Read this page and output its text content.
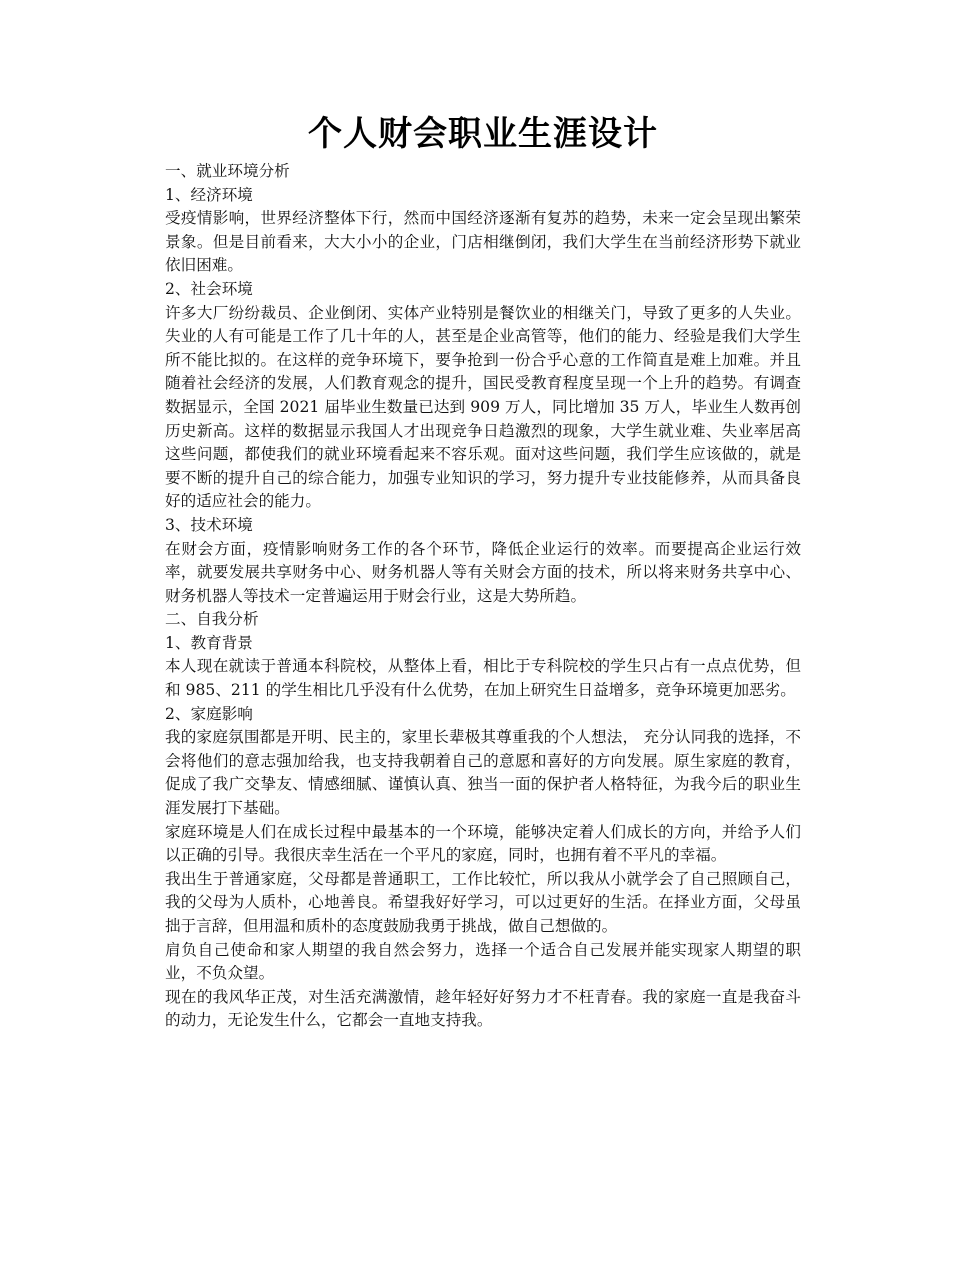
个人财会职业生涯设计

一、就业环境分析

1、经济环境

受疫情影响，世界经济整体下行，然而中国经济逐渐有复苏的趋势，未来一定会呈现出繁荣景象。但是目前看来，大大小小的企业，门店相继倒闭，我们大学生在当前经济形势下就业依旧困难。

2、社会环境

许多大厂纷纷裁员、企业倒闭、实体产业特别是餐饮业的相继关门，导致了更多的人失业。失业的人有可能是工作了几十年的人，甚至是企业高管等，他们的能力、经验是我们大学生所不能比拟的。在这样的竞争环境下，要争抢到一份合乎心意的工作简直是难上加难。并且随着社会经济的发展，人们教育观念的提升，国民受教育程度呈现一个上升的趋势。有调查数据显示，全国 2021 届毕业生数量已达到 909 万人，同比增加 35 万人，毕业生人数再创历史新高。这样的数据显示我国人才出现竞争日趋激烈的现象，大学生就业难、失业率居高这些问题，都使我们的就业环境看起来不容乐观。面对这些问题，我们学生应该做的，就是要不断的提升自己的综合能力，加强专业知识的学习，努力提升专业技能修养，从而具备良好的适应社会的能力。

3、技术环境

在财会方面，疫情影响财务工作的各个环节，降低企业运行的效率。而要提高企业运行效率，就要发展共享财务中心、财务机器人等有关财会方面的技术，所以将来财务共享中心、财务机器人等技术一定普遍运用于财会行业，这是大势所趋。

二、自我分析

1、教育背景

本人现在就读于普通本科院校，从整体上看，相比于专科院校的学生只占有一点点优势，但和 985、211 的学生相比几乎没有什么优势，在加上研究生日益增多，竞争环境更加恶劣。

2、家庭影响

我的家庭氛围都是开明、民主的，家里长辈极其尊重我的个人想法， 充分认同我的选择，不会将他们的意志强加给我，也支持我朝着自己的意愿和喜好的方向发展。原生家庭的教育，促成了我广交挚友、情感细腻、谨慎认真、独当一面的保护者人格特征，为我今后的职业生涯发展打下基础。

家庭环境是人们在成长过程中最基本的一个环境，能够决定着人们成长的方向，并给予人们以正确的引导。我很庆幸生活在一个平凡的家庭，同时，也拥有着不平凡的幸福。

我出生于普通家庭，父母都是普通职工，工作比较忙，所以我从小就学会了自己照顾自己，我的父母为人质朴，心地善良。希望我好好学习，可以过更好的生活。在择业方面，父母虽拙于言辞，但用温和质朴的态度鼓励我勇于挑战，做自己想做的。

肩负自己使命和家人期望的我自然会努力，选择一个适合自己发展并能实现家人期望的职业，不负众望。

现在的我风华正茂，对生活充满激情，趁年轻好好努力才不枉青春。我的家庭一直是我奋斗的动力，无论发生什么，它都会一直地支持我。
